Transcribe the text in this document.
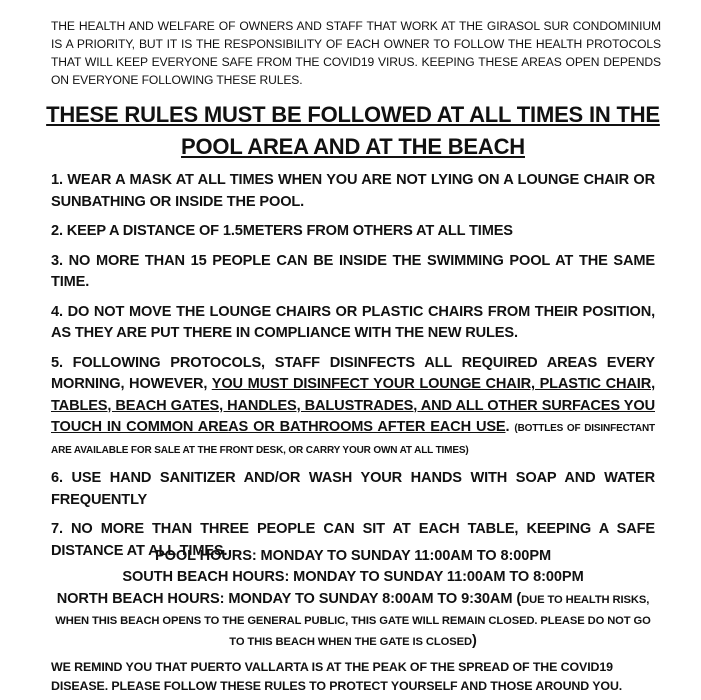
THE HEALTH AND WELFARE OF OWNERS AND STAFF THAT WORK AT THE GIRASOL SUR CONDOMINIUM IS A PRIORITY, BUT IT IS THE RESPONSIBILITY OF EACH OWNER TO FOLLOW THE HEALTH PROTOCOLS THAT WILL KEEP EVERYONE SAFE FROM THE COVID19 VIRUS. KEEPING THESE AREAS OPEN DEPENDS ON EVERYONE FOLLOWING THESE RULES.

THESE RULES MUST BE FOLLOWED AT ALL TIMES IN THE POOL AREA AND AT THE BEACH

1. WEAR A MASK AT ALL TIMES WHEN YOU ARE NOT LYING ON A LOUNGE CHAIR OR SUNBATHING OR INSIDE THE POOL.

2. KEEP A DISTANCE OF 1.5METERS FROM OTHERS AT ALL TIMES

3. NO MORE THAN 15 PEOPLE CAN BE INSIDE THE SWIMMING POOL AT THE SAME TIME.

4. DO NOT MOVE THE LOUNGE CHAIRS OR PLASTIC CHAIRS FROM THEIR POSITION, AS THEY ARE PUT THERE IN COMPLIANCE WITH THE NEW RULES.

5. FOLLOWING PROTOCOLS, STAFF DISINFECTS ALL REQUIRED AREAS EVERY MORNING, HOWEVER, YOU MUST DISINFECT YOUR LOUNGE CHAIR, PLASTIC CHAIR, TABLES, BEACH GATES, HANDLES, BALUSTRADES, AND ALL OTHER SURFACES YOU TOUCH IN COMMON AREAS OR BATHROOMS AFTER EACH USE. (BOTTLES OF DISINFECTANT ARE AVAILABLE FOR SALE AT THE FRONT DESK, OR CARRY YOUR OWN AT ALL TIMES)

6. USE HAND SANITIZER AND/OR WASH YOUR HANDS WITH SOAP AND WATER FREQUENTLY

7. NO MORE THAN THREE PEOPLE CAN SIT AT EACH TABLE, KEEPING A SAFE DISTANCE AT ALL TIMES.

POOL HOURS: MONDAY TO SUNDAY 11:00AM TO 8:00PM
SOUTH BEACH HOURS: MONDAY TO SUNDAY 11:00AM TO 8:00PM
NORTH BEACH HOURS: MONDAY TO SUNDAY 8:00AM TO 9:30AM (DUE TO HEALTH RISKS, WHEN THIS BEACH OPENS TO THE GENERAL PUBLIC, THIS GATE WILL REMAIN CLOSED. PLEASE DO NOT GO TO THIS BEACH WHEN THE GATE IS CLOSED)

WE REMIND YOU THAT PUERTO VALLARTA IS AT THE PEAK OF THE SPREAD OF THE COVID19 DISEASE. PLEASE FOLLOW THESE RULES TO PROTECT YOURSELF AND THOSE AROUND YOU.
